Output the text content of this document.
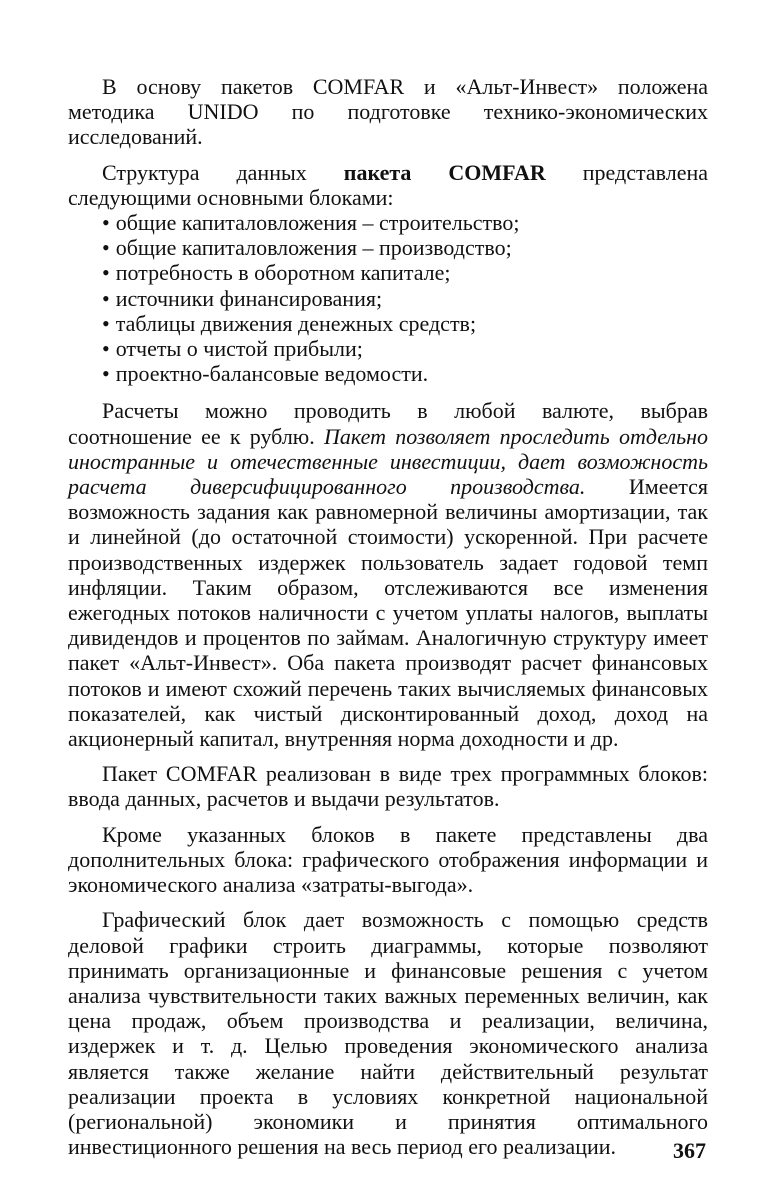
В основу пакетов COMFAR и «Альт-Инвест» положена методика UNIDO по подготовке технико-экономических исследований.

Структура данных пакета COMFAR представлена следующими основными блоками:

• общие капиталовложения – строительство;
• общие капиталовложения – производство;
• потребность в оборотном капитале;
• источники финансирования;
• таблицы движения денежных средств;
• отчеты о чистой прибыли;
• проектно-балансовые ведомости.

Расчеты можно проводить в любой валюте, выбрав соотношение ее к рублю. Пакет позволяет проследить отдельно иностранные и отечественные инвестиции, дает возможность расчета диверсифицированного производства. Имеется возможность задания как равномерной величины амортизации, так и линейной (до остаточной стоимости) ускоренной. При расчете производственных издержек пользователь задает годовой темп инфляции. Таким образом, отслеживаются все изменения ежегодных потоков наличности с учетом уплаты налогов, выплаты дивидендов и процентов по займам. Аналогичную структуру имеет пакет «Альт-Инвест». Оба пакета производят расчет финансовых потоков и имеют схожий перечень таких вычисляемых финансовых показателей, как чистый дисконтированный доход, доход на акционерный капитал, внутренняя норма доходности и др.

Пакет COMFAR реализован в виде трех программных блоков: ввода данных, расчетов и выдачи результатов.

Кроме указанных блоков в пакете представлены два дополнительных блока: графического отображения информации и экономического анализа «затраты-выгода».

Графический блок дает возможность с помощью средств деловой графики строить диаграммы, которые позволяют принимать организационные и финансовые решения с учетом анализа чувствительности таких важных переменных величин, как цена продаж, объем производства и реализации, величина, издержек и т. д. Целью проведения экономического анализа является также желание найти действительный результат реализации проекта в условиях конкретной национальной (региональной) экономики и принятия оптимального инвестиционного решения на весь период его реализации.	367
